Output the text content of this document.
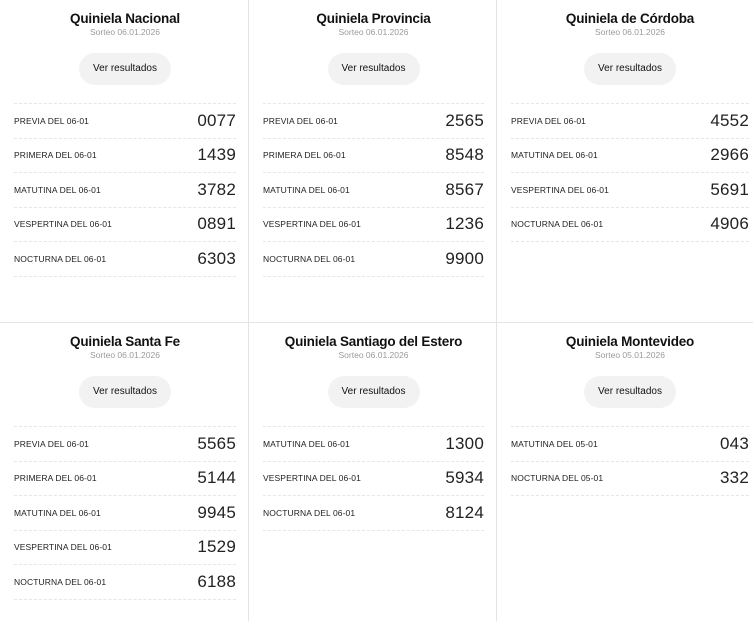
Quiniela Nacional
Sorteo 06.01.2026
Ver resultados
PREVIA DEL 06-01	0077
PRIMERA DEL 06-01	1439
MATUTINA DEL 06-01	3782
VESPERTINA DEL 06-01	0891
NOCTURNA DEL 06-01	6303
Quiniela Provincia
Sorteo 06.01.2026
Ver resultados
PREVIA DEL 06-01	2565
PRIMERA DEL 06-01	8548
MATUTINA DEL 06-01	8567
VESPERTINA DEL 06-01	1236
NOCTURNA DEL 06-01	9900
Quiniela de Córdoba
Sorteo 06.01.2026
Ver resultados
PREVIA DEL 06-01	4552
MATUTINA DEL 06-01	2966
VESPERTINA DEL 06-01	5691
NOCTURNA DEL 06-01	4906
Quiniela Santa Fe
Sorteo 06.01.2026
Ver resultados
PREVIA DEL 06-01	5565
PRIMERA DEL 06-01	5144
MATUTINA DEL 06-01	9945
VESPERTINA DEL 06-01	1529
NOCTURNA DEL 06-01	6188
Quiniela Santiago del Estero
Sorteo 06.01.2026
Ver resultados
MATUTINA DEL 06-01	1300
VESPERTINA DEL 06-01	5934
NOCTURNA DEL 06-01	8124
Quiniela Montevideo
Sorteo 05.01.2026
Ver resultados
MATUTINA DEL 05-01	043
NOCTURNA DEL 05-01	332
